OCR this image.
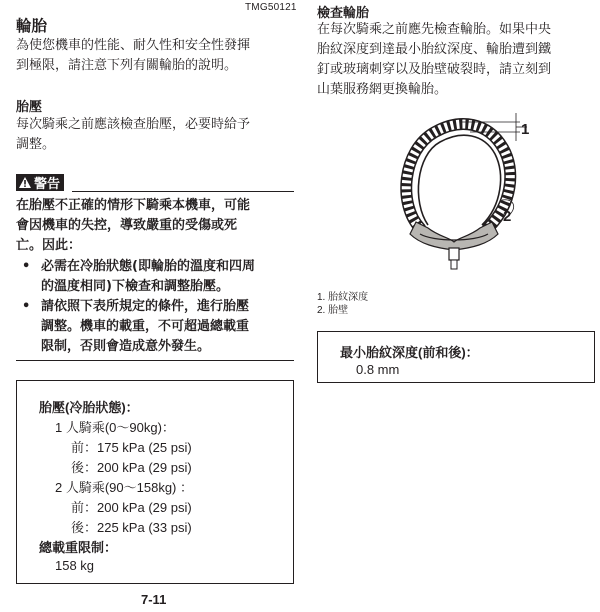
TMG50121
輪胎
為使您機車的性能、耐久性和安全性發揮
到極限，請注意下列有關輪胎的說明。
胎壓
每次騎乘之前應該檢查胎壓，必要時給予
調整。
警告
在胎壓不正確的情形下騎乘本機車，可能
會因機車的失控，導致嚴重的受傷或死
亡。因此：
• 必需在冷胎狀態(即輪胎的溫度和四周
的溫度相同)下檢查和調整胎壓。
• 請依照下表所規定的條件，進行胎壓
調整。機車的載重，不可超過總載重
限制，否則會造成意外發生。
胎壓(冷胎狀態)：
1 人騎乘(0～90kg)：
前：175 kPa (25 psi)
後：200 kPa (29 psi)
2 人騎乘(90～158kg) ：
前：200 kPa (29 psi)
後：225 kPa (33 psi)
總載重限制：
158 kg
7-11
檢查輪胎
在每次騎乘之前應先檢查輪胎。如果中央
胎紋深度到達最小胎紋深度、輪胎遭到鐵
釘或玻璃刺穿以及胎壁破裂時，請立刻到
山葉服務網更換輪胎。
1
2
1. 胎紋深度
2. 胎壁
最小胎紋深度(前和後)：
0.8 mm
